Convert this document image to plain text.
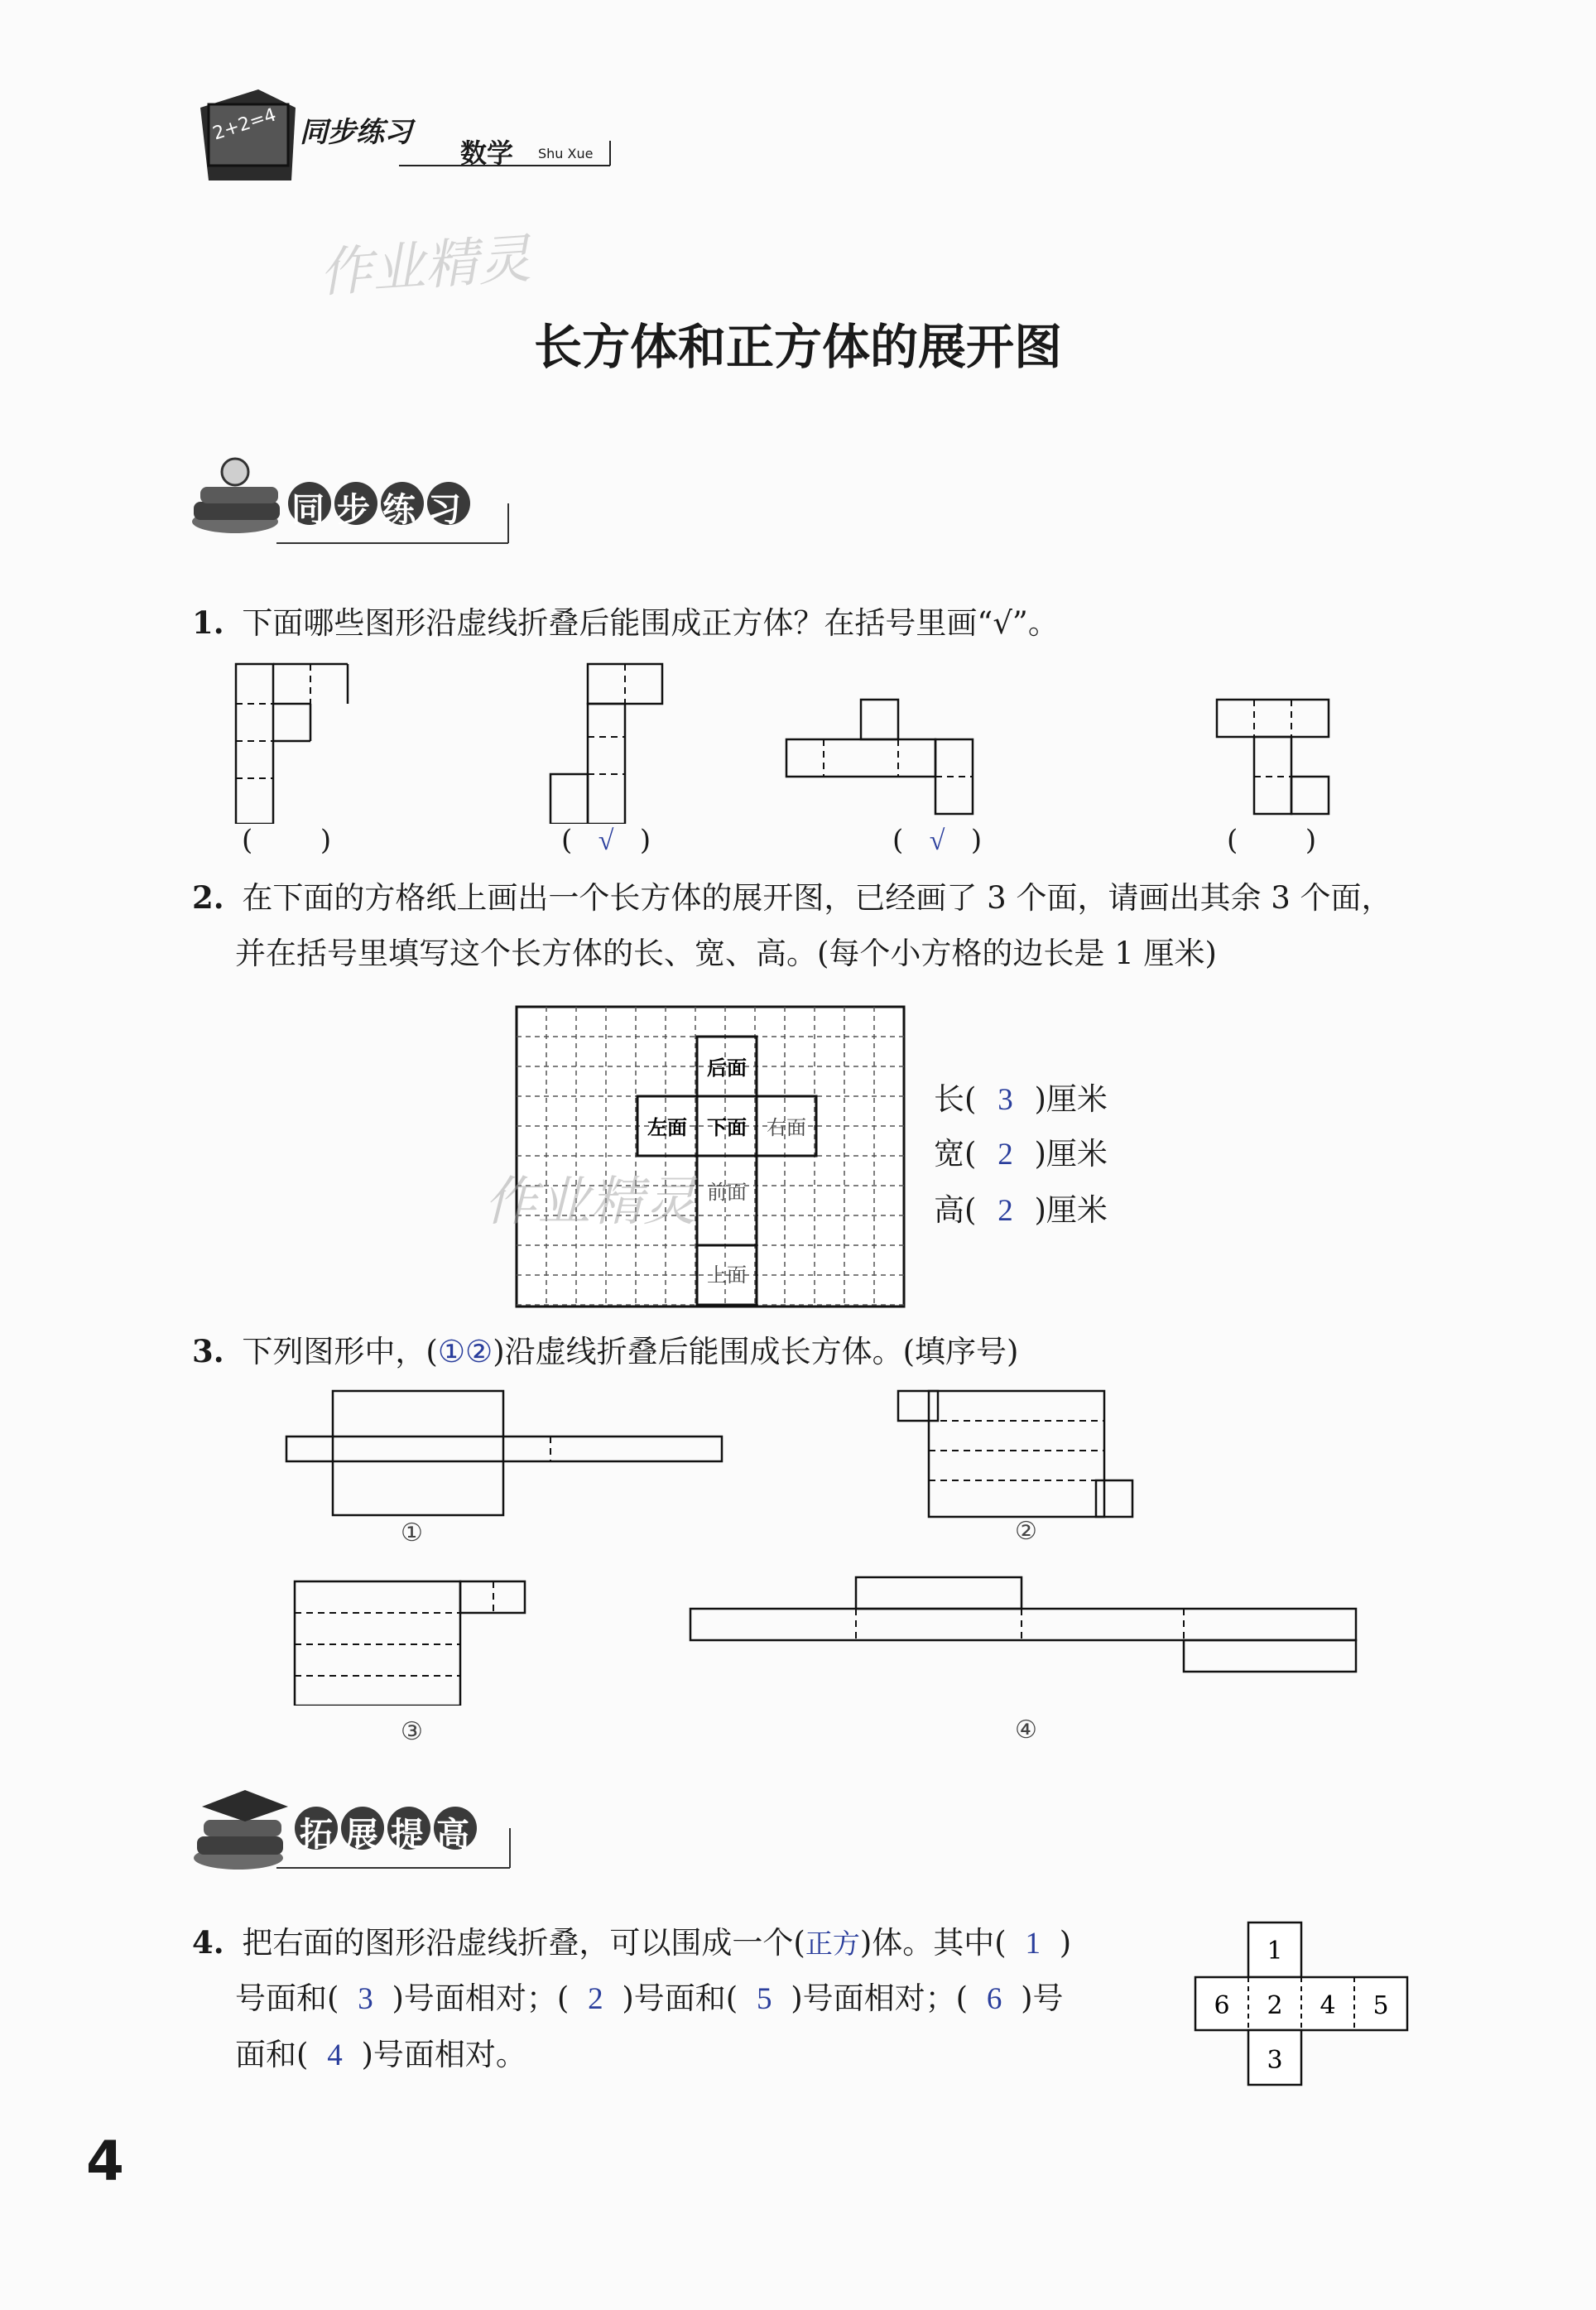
2+2=4 同步练习
数学 Shu Xue
作业精灵
长方体和正方体的展开图
同步练习
1. 下面哪些图形沿虚线折叠后能围成正方体？在括号里画“√”。
(  )	( √ )	( √ )	(  )
2. 在下面的方格纸上画出一个长方体的展开图，已经画了 3 个面，请画出其余 3 个面，
并在括号里填写这个长方体的长、宽、高。(每个小方格的边长是 1 厘米)
后面
左面 下面 右面
前面
上面
作业精灵
长( 3 )厘米
宽( 2 )厘米
高( 2 )厘米
3. 下列图形中，(①②)沿虚线折叠后能围成长方体。(填序号)
①	②
③	④
拓展提高
4. 把右面的图形沿虚线折叠，可以围成一个(正方)体。其中( 1 )
号面和( 3 )号面相对；( 2 )号面和( 5 )号面相对；( 6 )号
面和( 4 )号面相对。
1
6 2 4 5
3
4
